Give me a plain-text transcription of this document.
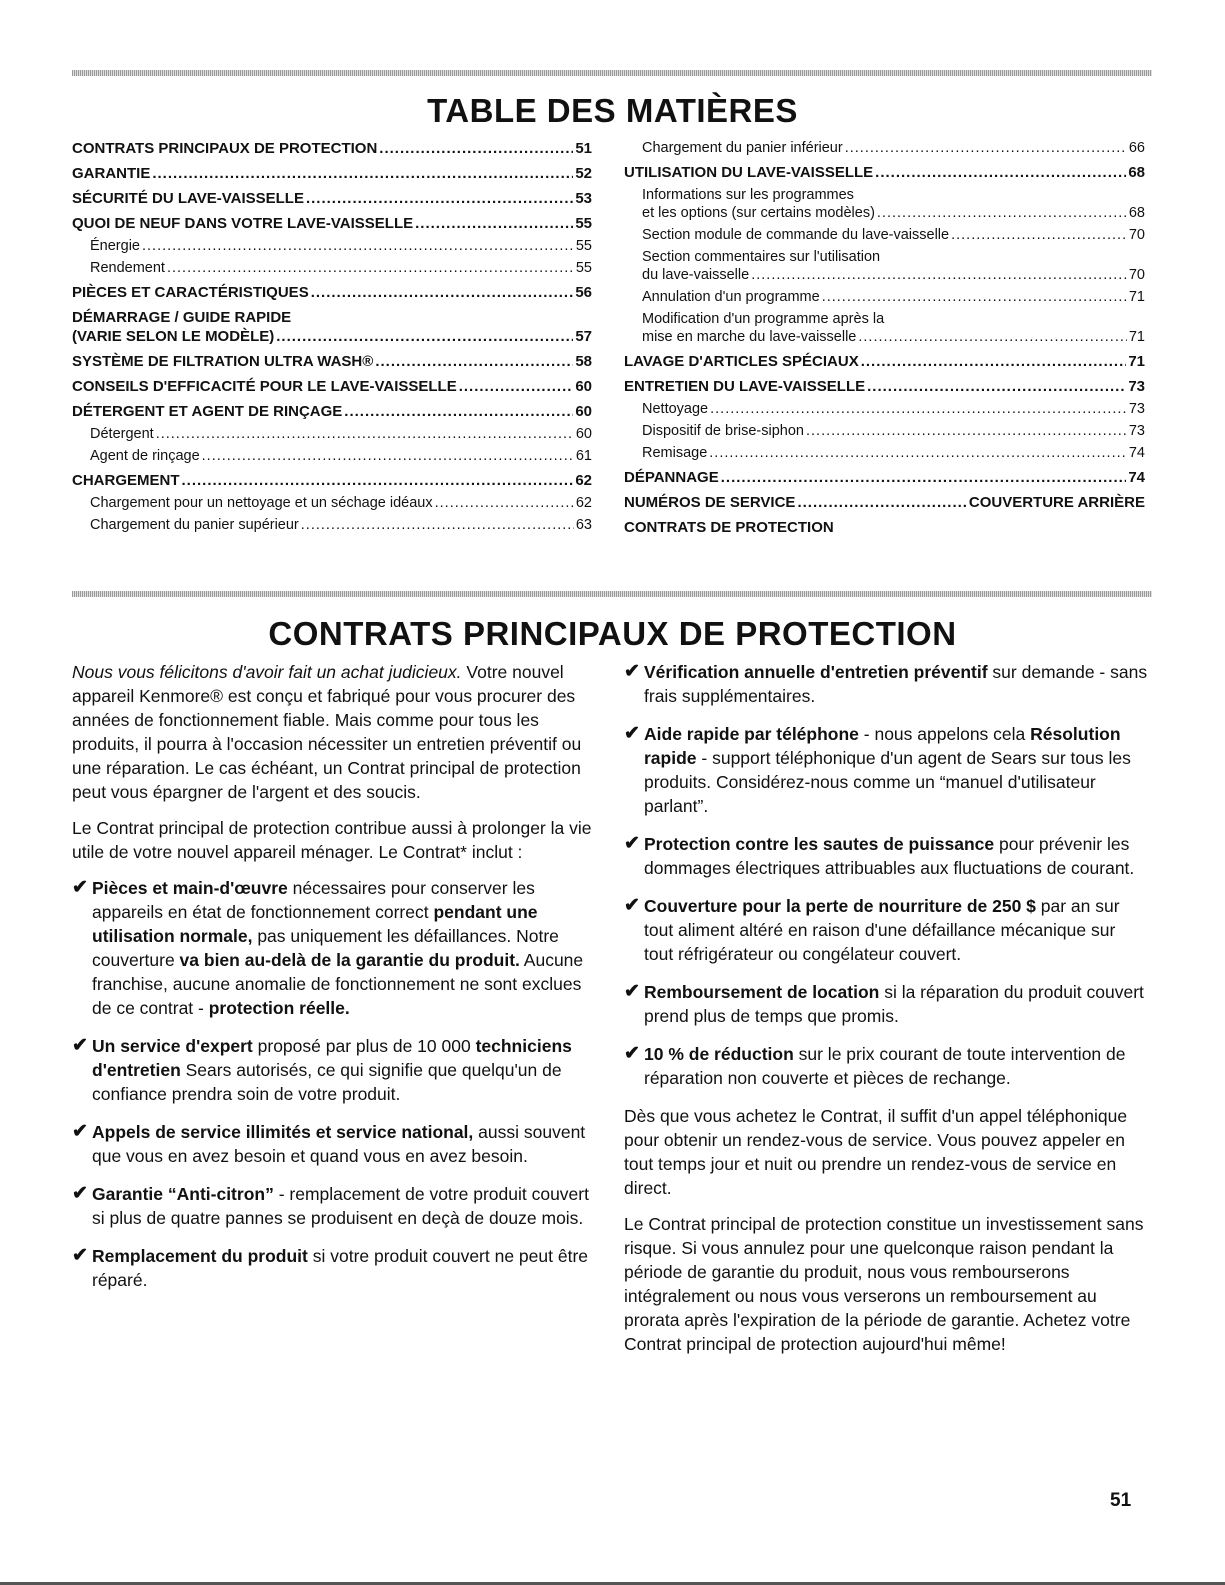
TABLE DES MATIÈRES
CONTRATS PRINCIPAUX DE PROTECTION .....	51
GARANTIE .....	52
SÉCURITÉ DU LAVE-VAISSELLE .....	53
QUOI DE NEUF DANS VOTRE LAVE-VAISSELLE .....	55
Énergie .....	55
Rendement .....	55
PIÈCES ET CARACTÉRISTIQUES .....	56
DÉMARRAGE / GUIDE RAPIDE
(VARIE SELON LE MODÈLE) .....	57
SYSTÈME DE FILTRATION ULTRA WASH® .....	58
CONSEILS D'EFFICACITÉ POUR LE LAVE-VAISSELLE .....	60
DÉTERGENT ET AGENT DE RINÇAGE .....	60
Détergent .....	60
Agent de rinçage .....	61
CHARGEMENT .....	62
Chargement pour un nettoyage et un séchage idéaux .....	62
Chargement du panier supérieur .....	63
Chargement du panier inférieur .....	66
UTILISATION DU LAVE-VAISSELLE .....	68
Informations sur les programmes
et les options (sur certains modèles) .....	68
Section module de commande du lave-vaisselle .....	70
Section commentaires sur l'utilisation
du lave-vaisselle .....	70
Annulation d'un programme .....	71
Modification d'un programme après la
mise en marche du lave-vaisselle .....	71
LAVAGE D'ARTICLES SPÉCIAUX .....	71
ENTRETIEN DU LAVE-VAISSELLE .....	73
Nettoyage .....	73
Dispositif de brise-siphon .....	73
Remisage .....	74
DÉPANNAGE .....	74
NUMÉROS DE SERVICE .....	COUVERTURE ARRIÈRE
CONTRATS DE PROTECTION
CONTRATS PRINCIPAUX DE PROTECTION

Nous vous félicitons d'avoir fait un achat judicieux. Votre nouvel appareil Kenmore® est conçu et fabriqué pour vous procurer des années de fonctionnement fiable. Mais comme pour tous les produits, il pourra à l'occasion nécessiter un entretien préventif ou une réparation. Le cas échéant, un Contrat principal de protection peut vous épargner de l'argent et des soucis.

Le Contrat principal de protection contribue aussi à prolonger la vie utile de votre nouvel appareil ménager. Le Contrat* inclut :

✔ Pièces et main-d'œuvre nécessaires pour conserver les appareils en état de fonctionnement correct pendant une utilisation normale, pas uniquement les défaillances. Notre couverture va bien au-delà de la garantie du produit. Aucune franchise, aucune anomalie de fonctionnement ne sont exclues de ce contrat - protection réelle.
✔ Un service d'expert proposé par plus de 10 000 techniciens d'entretien Sears autorisés, ce qui signifie que quelqu'un de confiance prendra soin de votre produit.
✔ Appels de service illimités et service national, aussi souvent que vous en avez besoin et quand vous en avez besoin.
✔ Garantie “Anti-citron” - remplacement de votre produit couvert si plus de quatre pannes se produisent en deçà de douze mois.
✔ Remplacement du produit si votre produit couvert ne peut être réparé.
✔ Vérification annuelle d'entretien préventif sur demande - sans frais supplémentaires.
✔ Aide rapide par téléphone - nous appelons cela Résolution rapide - support téléphonique d'un agent de Sears sur tous les produits. Considérez-nous comme un “manuel d'utilisateur parlant”.
✔ Protection contre les sautes de puissance pour prévenir les dommages électriques attribuables aux fluctuations de courant.
✔ Couverture pour la perte de nourriture de 250 $ par an sur tout aliment altéré en raison d'une défaillance mécanique sur tout réfrigérateur ou congélateur couvert.
✔ Remboursement de location si la réparation du produit couvert prend plus de temps que promis.
✔ 10 % de réduction sur le prix courant de toute intervention de réparation non couverte et pièces de rechange.

Dès que vous achetez le Contrat, il suffit d'un appel téléphonique pour obtenir un rendez-vous de service. Vous pouvez appeler en tout temps jour et nuit ou prendre un rendez-vous de service en direct.

Le Contrat principal de protection constitue un investissement sans risque. Si vous annulez pour une quelconque raison pendant la période de garantie du produit, nous vous rembourserons intégralement ou nous vous verserons un remboursement au prorata après l'expiration de la période de garantie. Achetez votre Contrat principal de protection aujourd'hui même!

51
